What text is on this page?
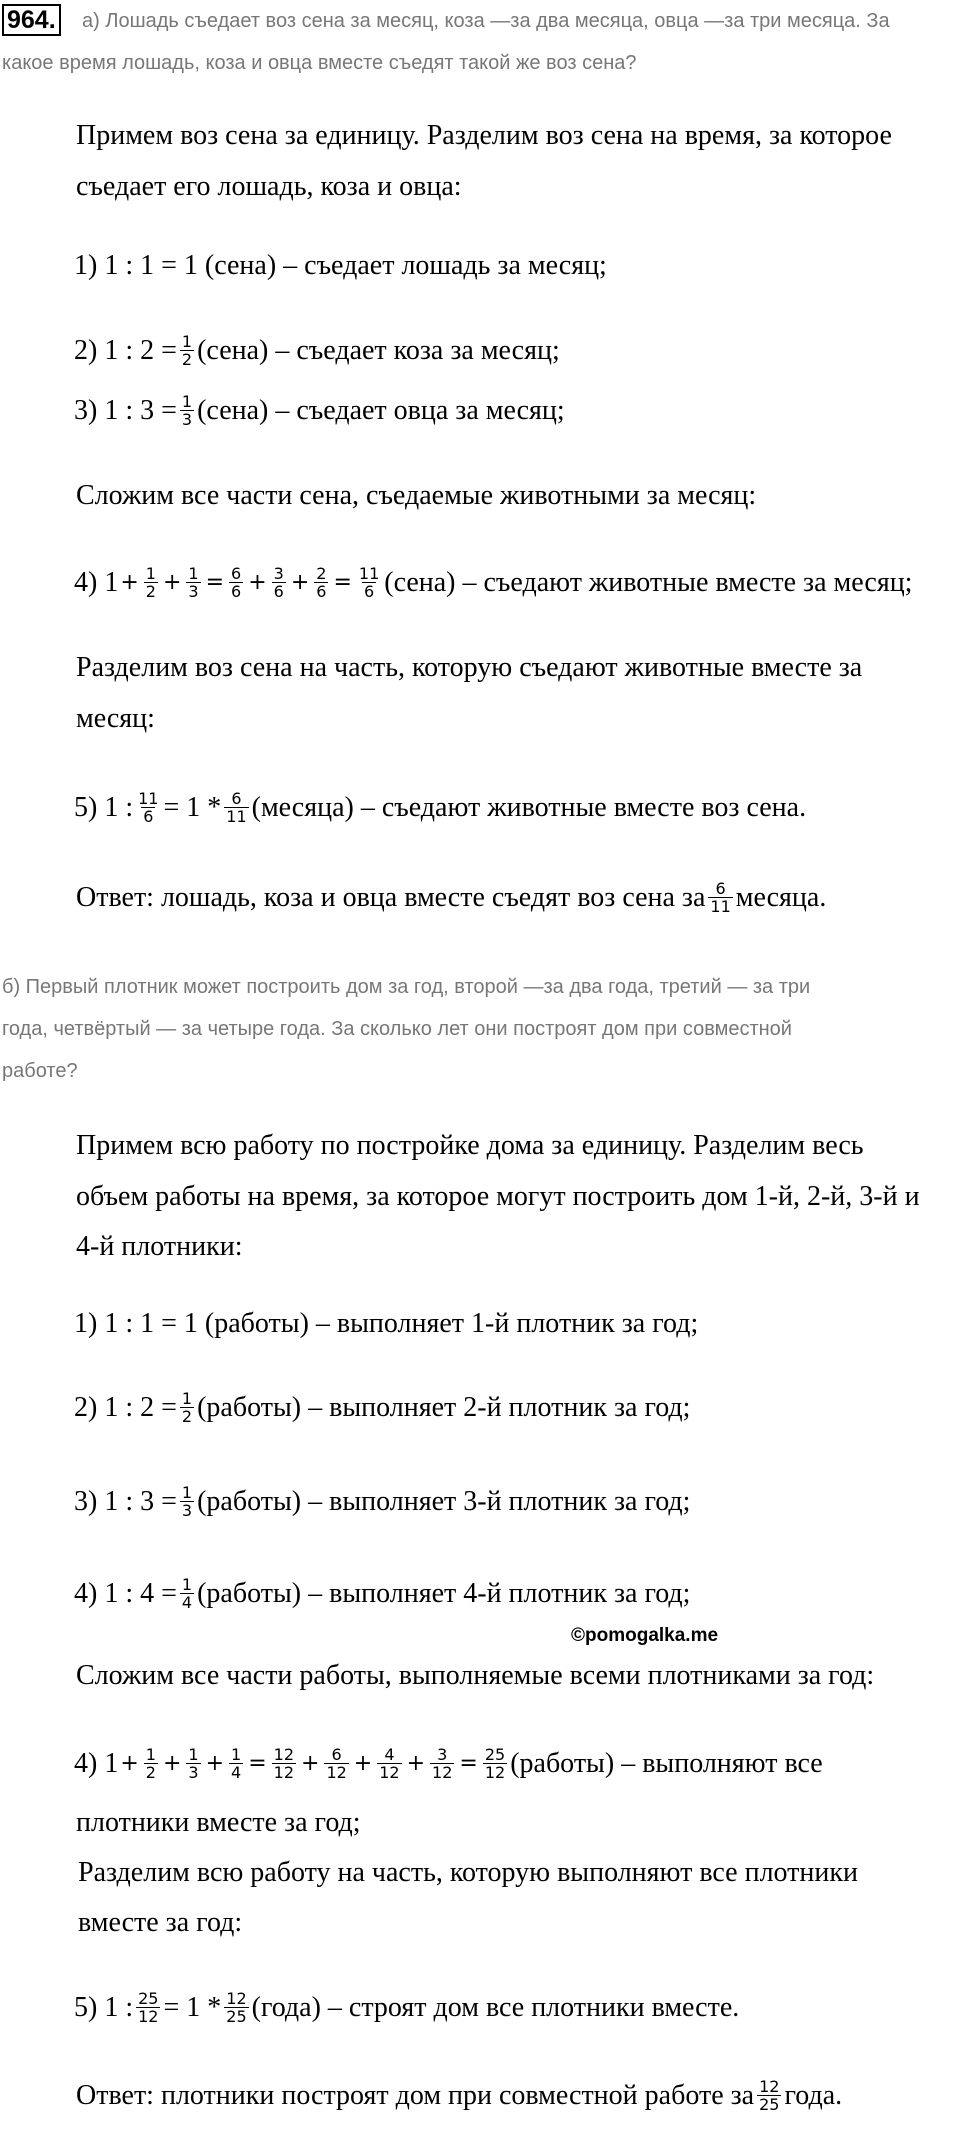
964. а) Лошадь съедает воз сена за месяц, коза —за два месяца, овца —за три месяца. За
какое время лошадь, коза и овца вместе съедят такой же воз сена?
Примем воз сена за единицу. Разделим воз сена на время, за которое
съедает его лошадь, коза и овца:
1) 1 : 1 = 1 (сена) – съедает лошадь за месяц;
2) 1 : $2 = \frac{1}{2}$ (сена) – съедает коза за месяц;
3) 1 : $3 = \frac{1}{3}$ (сена) – съедает овца за месяц;
Сложим все части сена, съедаемые животными за месяц:
4) $1 + \frac{1}{2} + \frac{1}{3} = \frac{6}{6} + \frac{3}{6} + \frac{2}{6} = \frac{11}{6}$ (сена) – съедают животные вместе за месяц;
Разделим воз сена на часть, которую съедают животные вместе за
месяц:
5) 1 : $\frac{11}{6} = 1 * \frac{6}{11}$ (месяца) – съедают животные вместе воз сена.
Ответ: лошадь, коза и овца вместе съедят воз сена за $\frac{6}{11}$ месяца.
б) Первый плотник может построить дом за год, второй —за два года, третий — за три
года, четвёртый — за четыре года. За сколько лет они построят дом при совместной
работе?
Примем всю работу по постройке дома за единицу. Разделим весь
объем работы на время, за которое могут построить дом 1-й, 2-й, 3-й и
4-й плотники:
1) 1 : 1 = 1 (работы) – выполняет 1-й плотник за год;
2) 1 : $2 = \frac{1}{2}$ (работы) – выполняет 2-й плотник за год;
3) 1 : $3 = \frac{1}{3}$ (работы) – выполняет 3-й плотник за год;
4) 1 : $4 = \frac{1}{4}$ (работы) – выполняет 4-й плотник за год;
©pomogalka.me
Сложим все части работы, выполняемые всеми плотниками за год:
4) $1 + \frac{1}{2} + \frac{1}{3} + \frac{1}{4} = \frac{12}{12} + \frac{6}{12} + \frac{4}{12} + \frac{3}{12} = \frac{25}{12}$ (работы) – выполняют все
плотники вместе за год;
Разделим всю работу на часть, которую выполняют все плотники
вместе за год:
5) 1 : $\frac{25}{12} = 1 * \frac{12}{25}$ (года) – строят дом все плотники вместе.
Ответ: плотники построят дом при совместной работе за $\frac{12}{25}$ года.
